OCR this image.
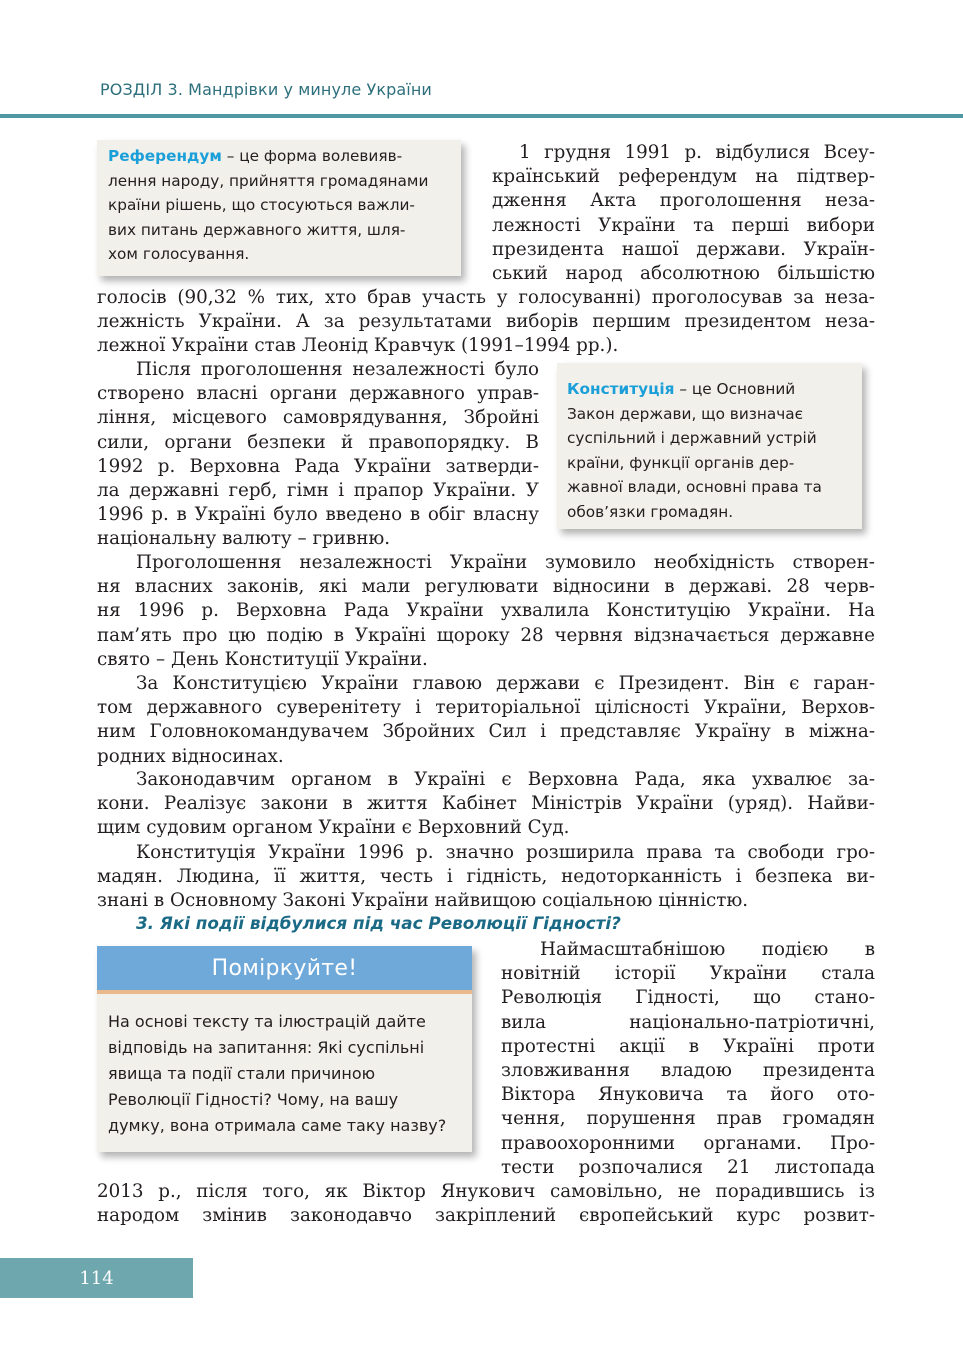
РОЗДІЛ 3. Мандрівки у минуле України
Референдум – це форма волевияв-
лення народу, прийняття громадянами
країни рішень, що стосуються важли-
вих питань державного життя, шля-
хом голосування.
1 грудня 1991 р. відбулися Всеу-
країнський референдум на підтвер-
дження Акта проголошення неза-
лежності України та перші вибори
президента нашої держави. Україн-
ський народ абсолютною більшістю
голосів (90,32 % тих, хто брав участь у голосуванні) проголосував за неза-
лежність України. А за результатами виборів першим президентом неза-
лежної України став Леонід Кравчук (1991–1994 рр.).
Після проголошення незалежності було
створено власні органи державного управ-
ління, місцевого самоврядування, Збройні
сили, органи безпеки й правопорядку. В
1992 р. Верховна Рада України затверди-
ла державні герб, гімн і прапор України. У
1996 р. в Україні було введено в обіг власну
національну валюту – гривню.
Конституція – це Основний
Закон держави, що визначає
суспільний і державний устрій
країни, функції органів дер-
жавної влади, основні права та
обов’язки громадян.
Проголошення незалежності України зумовило необхідність створен-
ня власних законів, які мали регулювати відносини в державі. 28 черв-
ня 1996 р. Верховна Рада України ухвалила Конституцію України. На
пам’ять про цю подію в Україні щороку 28 червня відзначається державне
свято – День Конституції України.
За Конституцією України главою держави є Президент. Він є гаран-
том державного суверенітету і територіальної цілісності України, Верхов-
ним Головнокомандувачем Збройних Сил і представляє Україну в міжна-
родних відносинах.
Законодавчим органом в Україні є Верховна Рада, яка ухвалює за-
кони. Реалізує закони в життя Кабінет Міністрів України (уряд). Найви-
щим судовим органом України є Верховний Суд.
Конституція України 1996 р. значно розширила права та свободи гро-
мадян. Людина, її життя, честь і гідність, недоторканність і безпека ви-
знані в Основному Законі України найвищою соціальною цінністю.
3. Які події відбулися під час Революції Гідності?
Поміркуйте!
На основі тексту та ілюстрацій дайте
відповідь на запитання: Які суспільні
явища та події стали причиною
Революції Гідності? Чому, на вашу
думку, вона отримала саме таку назву?
Наймасштабнішою подією в
новітній історії України стала
Революція Гідності, що стано-
вила національно-патріотичні,
протестні акції в Україні проти
зловживання владою президента
Віктора Януковича та його ото-
чення, порушення прав громадян
правоохоронними органами. Про-
тести розпочалися 21 листопада
2013 р., після того, як Віктор Янукович самовільно, не порадившись із
народом змінив законодавчо закріплений європейський курс розвит-
114
